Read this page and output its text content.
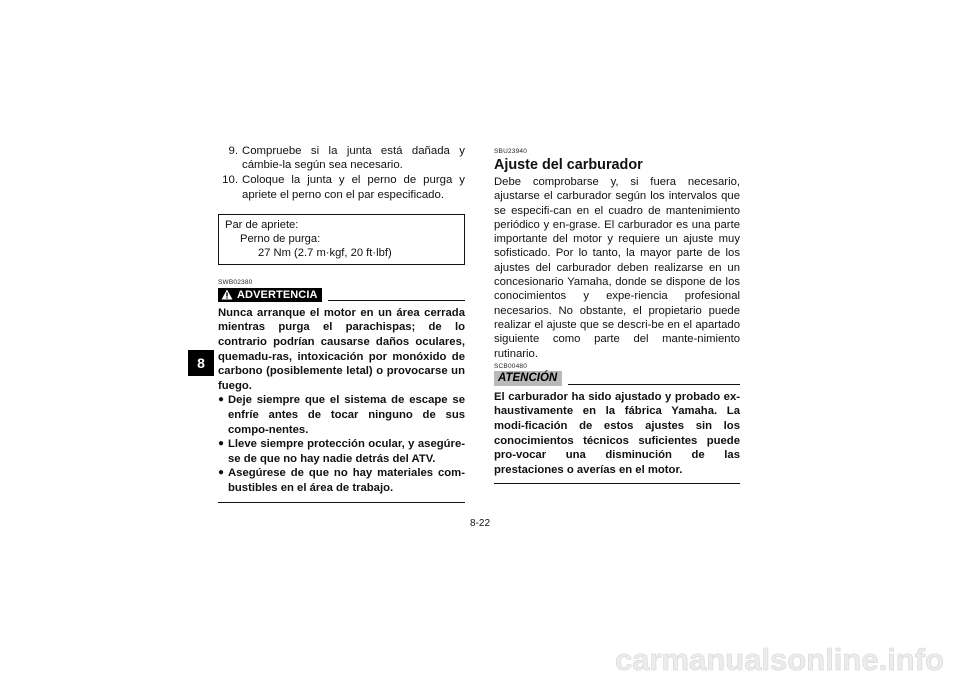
8
9. Compruebe si la junta está dañada y cámbie-la según sea necesario.
10. Coloque la junta y el perno de purga y apriete el perno con el par especificado.
Par de apriete:
Perno de purga:
27 Nm (2.7 m·kgf, 20 ft·lbf)
SWB02380
ADVERTENCIA
Nunca arranque el motor en un área cerrada mientras purga el parachispas; de lo contrario podrían causarse daños oculares, quemadu-ras, intoxicación por monóxido de carbono (posiblemente letal) o provocarse un fuego.
● Deje siempre que el sistema de escape se enfríe antes de tocar ninguno de sus compo-nentes.
● Lleve siempre protección ocular, y asegúre-se de que no hay nadie detrás del ATV.
● Asegúrese de que no hay materiales com-bustibles en el área de trabajo.
SBU23940
Ajuste del carburador
Debe comprobarse y, si fuera necesario, ajustarse el carburador según los intervalos que se especifi-can en el cuadro de mantenimiento periódico y en-grase. El carburador es una parte importante del motor y requiere un ajuste muy sofisticado. Por lo tanto, la mayor parte de los ajustes del carburador deben realizarse en un concesionario Yamaha, donde se dispone de los conocimientos y expe-riencia profesional necesarios. No obstante, el propietario puede realizar el ajuste que se descri-be en el apartado siguiente como parte del mante-nimiento rutinario.
SCB00480
ATENCIÓN
El carburador ha sido ajustado y probado ex-haustivamente en la fábrica Yamaha. La modi-ficación de estos ajustes sin los conocimientos técnicos suficientes puede pro-vocar una disminución de las prestaciones o averías en el motor.
8-22
carmanualsonline.info
